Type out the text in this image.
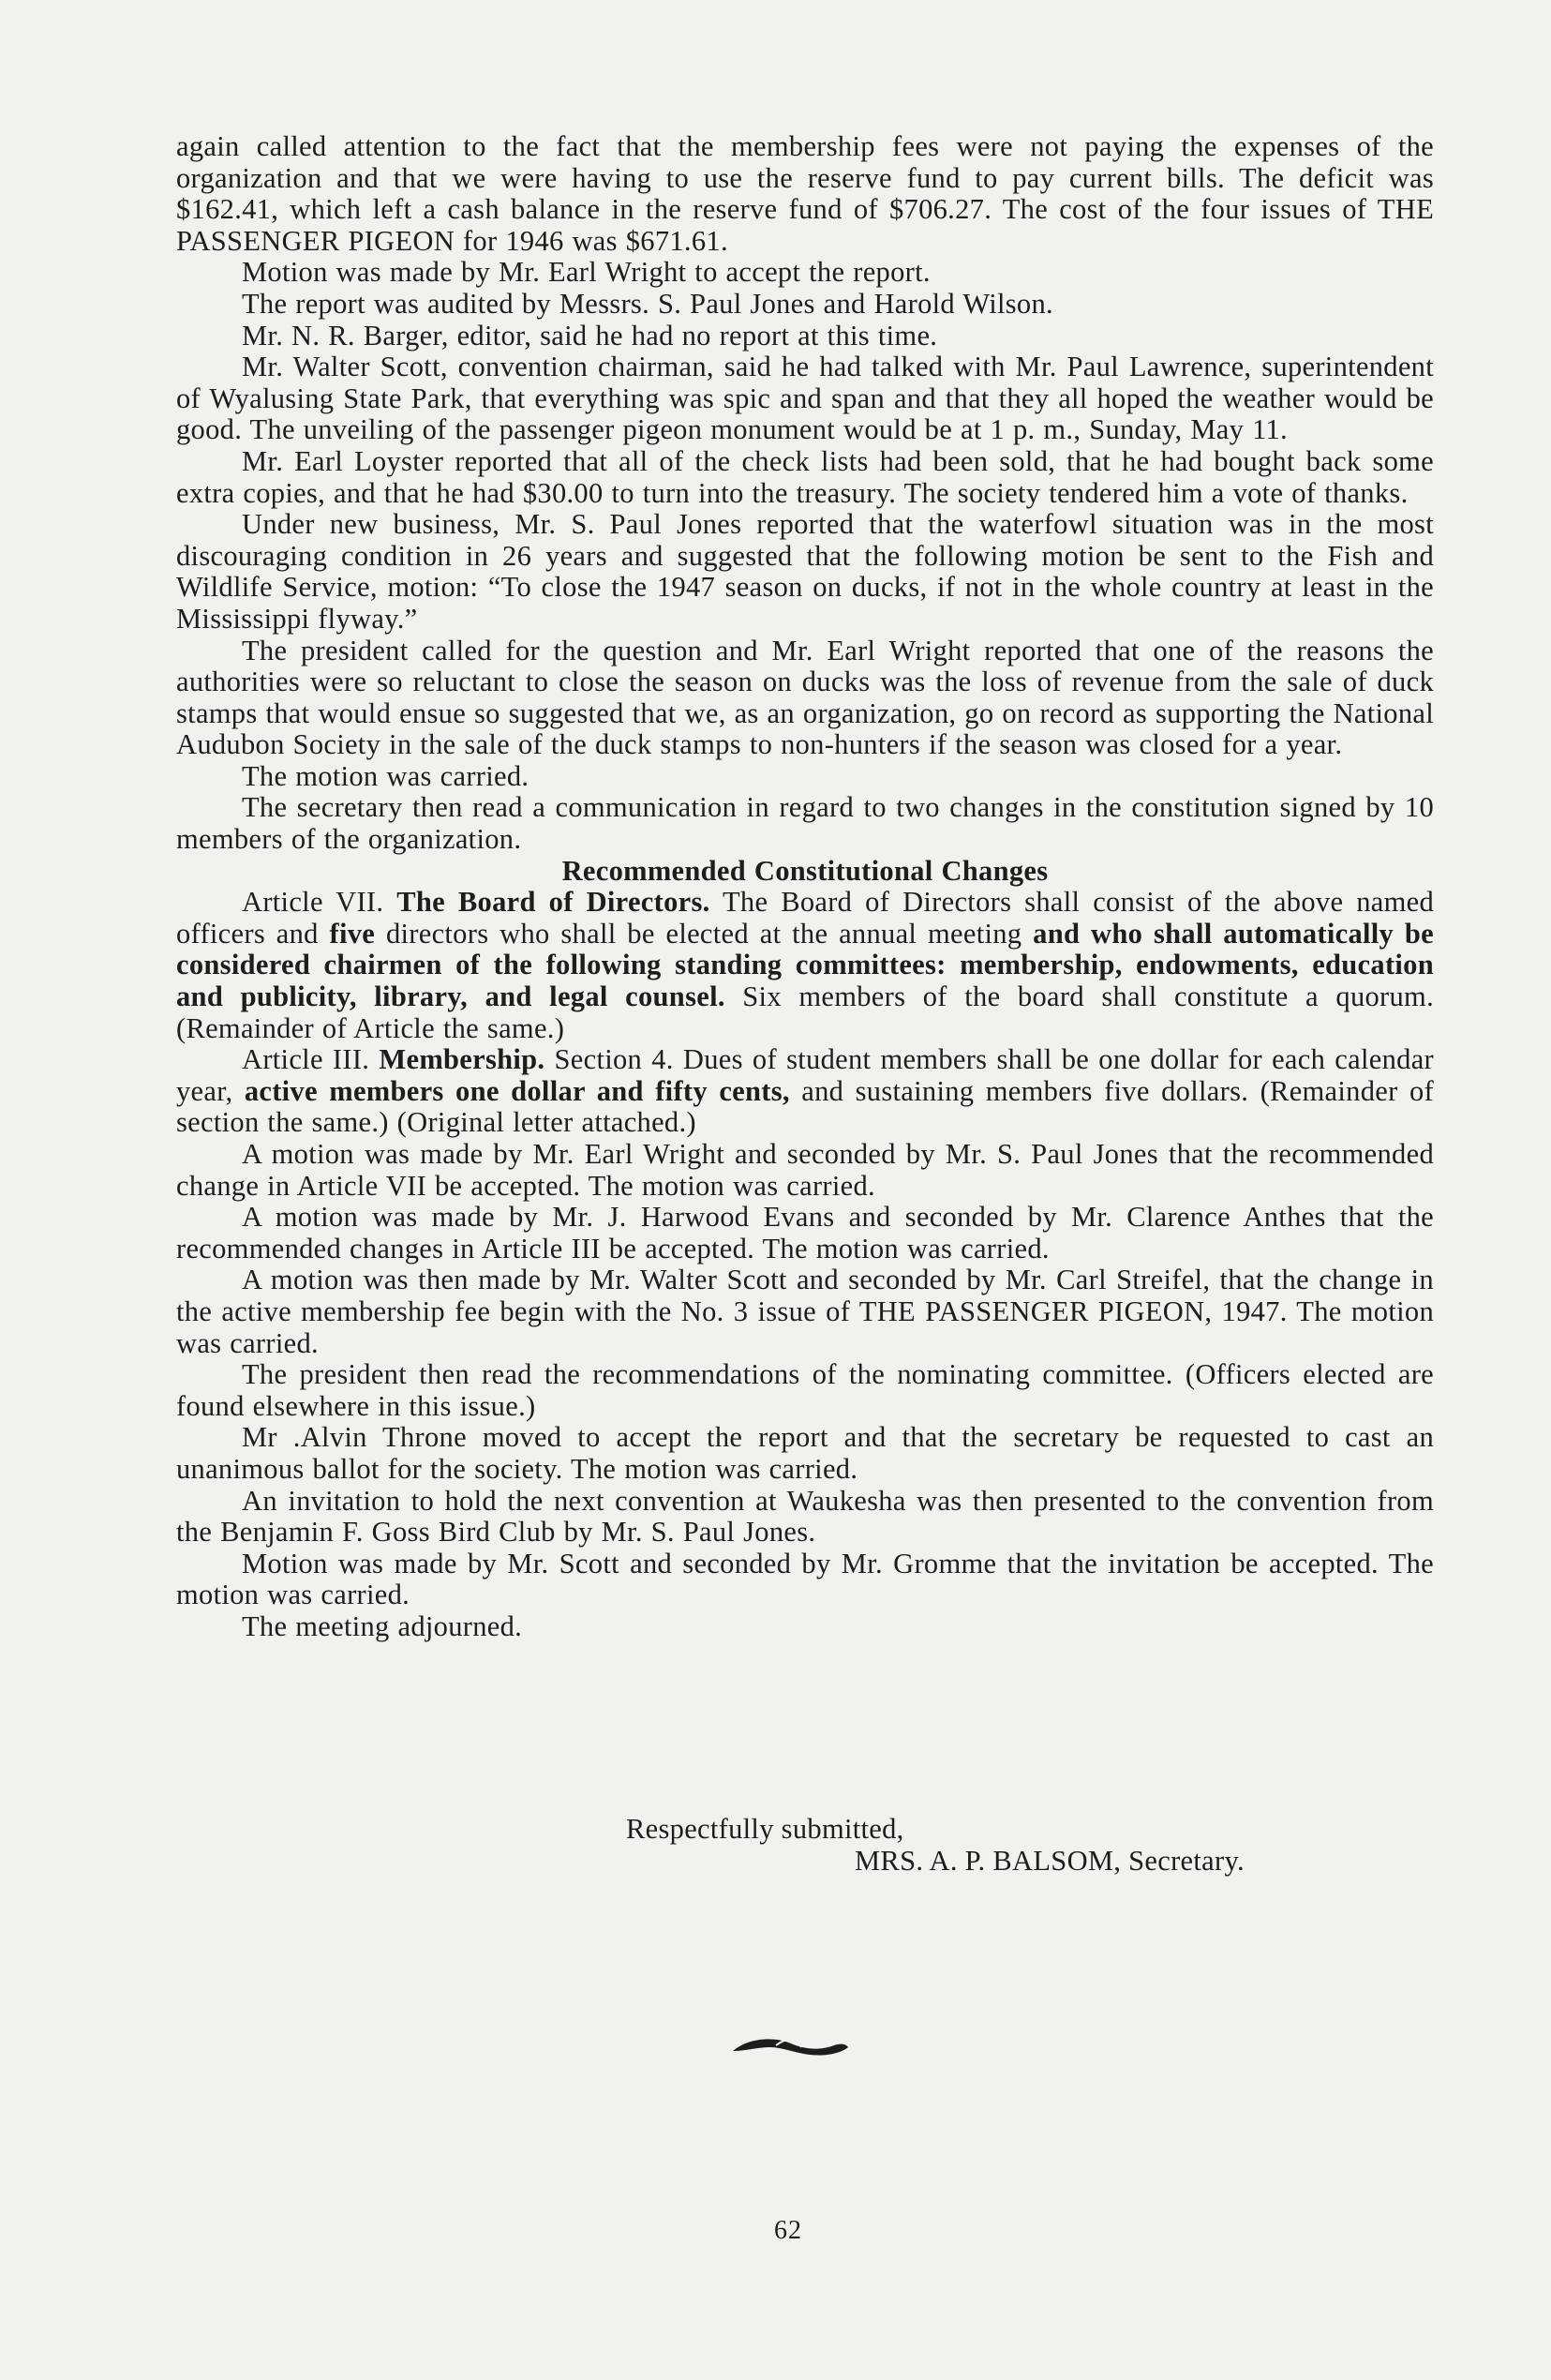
again called attention to the fact that the membership fees were not paying the expenses of the organization and that we were having to use the reserve fund to pay current bills. The deficit was $162.41, which left a cash balance in the reserve fund of $706.27. The cost of the four issues of THE PASSENGER PIGEON for 1946 was $671.61.

Motion was made by Mr. Earl Wright to accept the report.

The report was audited by Messrs. S. Paul Jones and Harold Wilson.

Mr. N. R. Barger, editor, said he had no report at this time.

Mr. Walter Scott, convention chairman, said he had talked with Mr. Paul Lawrence, superintendent of Wyalusing State Park, that everything was spic and span and that they all hoped the weather would be good. The unveiling of the passenger pigeon monument would be at 1 p. m., Sunday, May 11.

Mr. Earl Loyster reported that all of the check lists had been sold, that he had bought back some extra copies, and that he had $30.00 to turn into the treasury. The society tendered him a vote of thanks.

Under new business, Mr. S. Paul Jones reported that the waterfowl situation was in the most discouraging condition in 26 years and suggested that the following motion be sent to the Fish and Wildlife Service, motion: “To close the 1947 season on ducks, if not in the whole country at least in the Mississippi flyway.”

The president called for the question and Mr. Earl Wright reported that one of the reasons the authorities were so reluctant to close the season on ducks was the loss of revenue from the sale of duck stamps that would ensue so suggested that we, as an organization, go on record as supporting the National Audubon Society in the sale of the duck stamps to non-hunters if the season was closed for a year.

The motion was carried.

The secretary then read a communication in regard to two changes in the constitution signed by 10 members of the organization.

Recommended Constitutional Changes

Article VII. The Board of Directors. The Board of Directors shall consist of the above named officers and five directors who shall be elected at the annual meeting and who shall automatically be considered chairmen of the following standing committees: membership, endowments, education and publicity, library, and legal counsel. Six members of the board shall constitute a quorum. (Remainder of Article the same.)

Article III. Membership. Section 4. Dues of student members shall be one dollar for each calendar year, active members one dollar and fifty cents, and sustaining members five dollars. (Remainder of section the same.) (Original letter attached.)

A motion was made by Mr. Earl Wright and seconded by Mr. S. Paul Jones that the recommended change in Article VII be accepted. The motion was carried.

A motion was made by Mr. J. Harwood Evans and seconded by Mr. Clarence Anthes that the recommended changes in Article III be accepted. The motion was carried.

A motion was then made by Mr. Walter Scott and seconded by Mr. Carl Streifel, that the change in the active membership fee begin with the No. 3 issue of THE PASSENGER PIGEON, 1947. The motion was carried.

The president then read the recommendations of the nominating committee. (Officers elected are found elsewhere in this issue.)

Mr .Alvin Throne moved to accept the report and that the secretary be requested to cast an unanimous ballot for the society. The motion was carried.

An invitation to hold the next convention at Waukesha was then presented to the convention from the Benjamin F. Goss Bird Club by Mr. S. Paul Jones.

Motion was made by Mr. Scott and seconded by Mr. Gromme that the invitation be accepted. The motion was carried.

The meeting adjourned.

Respectfully submitted,
MRS. A. P. BALSOM, Secretary.
62
